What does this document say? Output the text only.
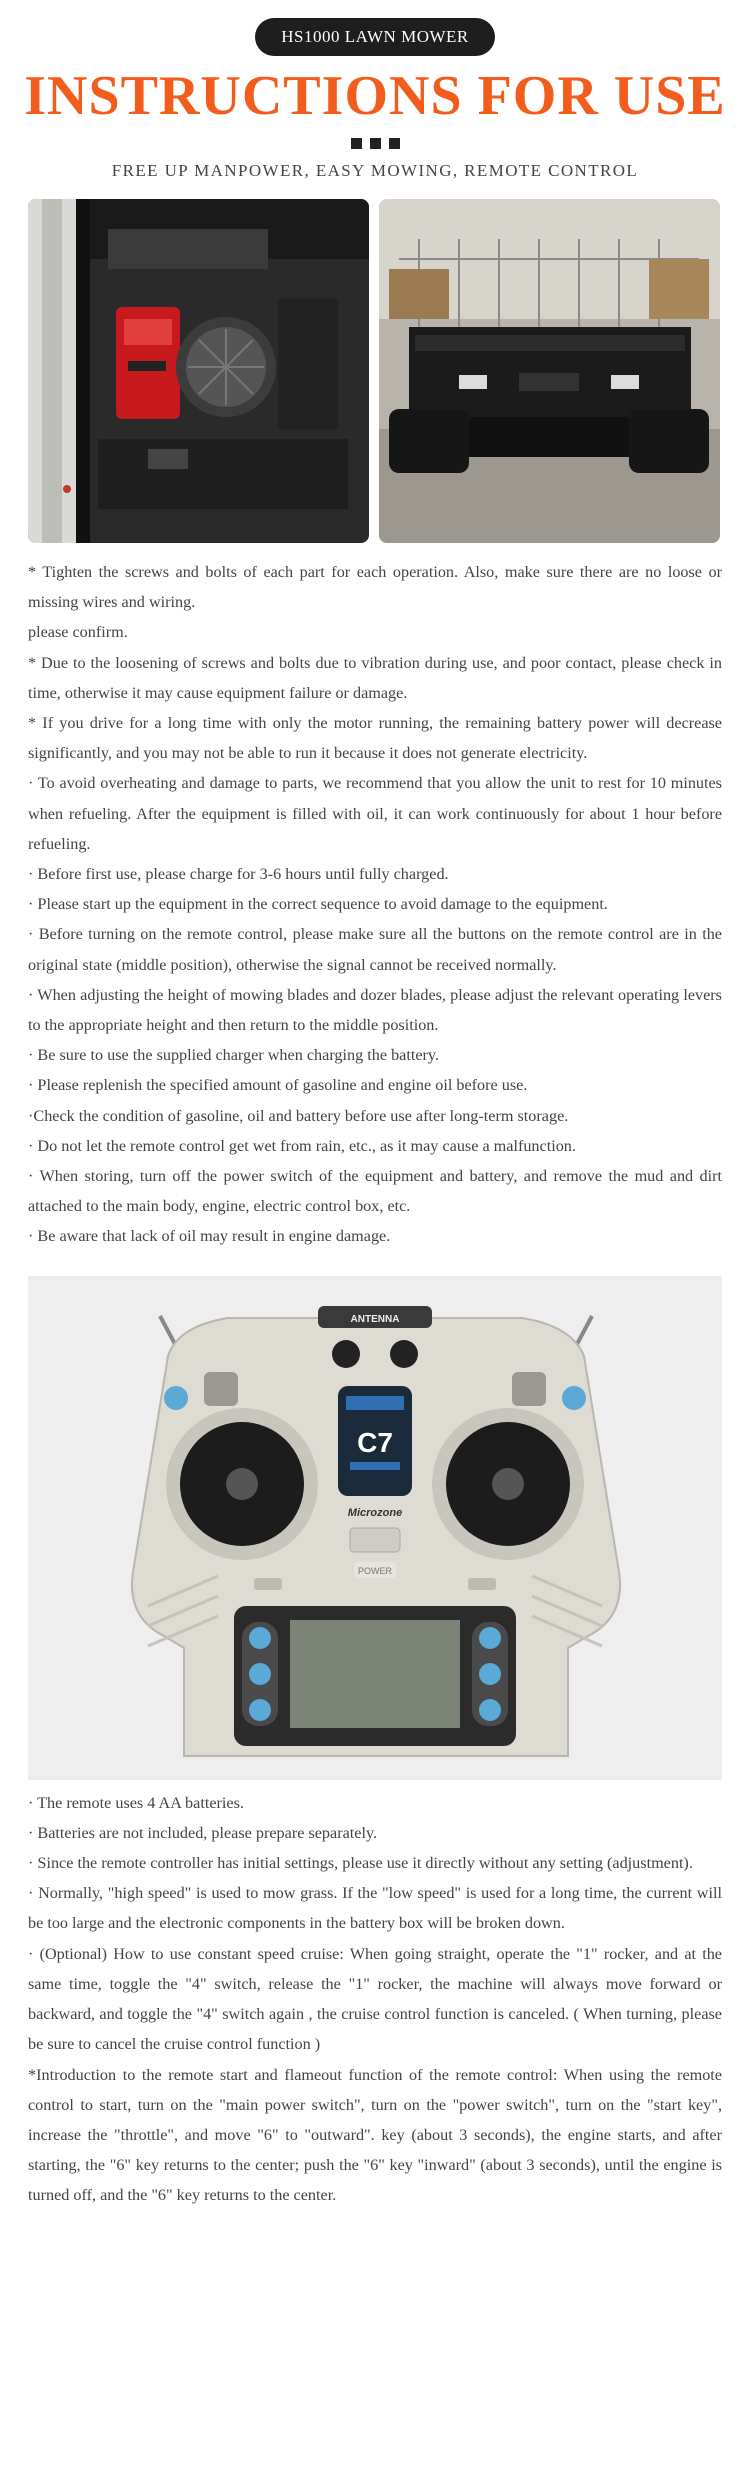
HS1000 LAWN MOWER
INSTRUCTIONS FOR USE
FREE UP MANPOWER, EASY MOWING, REMOTE CONTROL

* Tighten the screws and bolts of each part for each operation. Also, make sure there are no loose or missing wires and wiring.

please confirm.

* Due to the loosening of screws and bolts due to vibration during use, and poor contact, please check in time, otherwise it may cause equipment failure or damage.

* If you drive for a long time with only the motor running, the remaining battery power will decrease significantly, and you may not be able to run it because it does not generate electricity.

· To avoid overheating and damage to parts, we recommend that you allow the unit to rest for 10 minutes when refueling. After the equipment is filled with oil, it can work continuously for about 1 hour before refueling.

· Before first use, please charge for 3-6 hours until fully charged.

· Please start up the equipment in the correct sequence to avoid damage to the equipment.

· Before turning on the remote control, please make sure all the buttons on the remote control are in the original state (middle position), otherwise the signal cannot be received normally.

· When adjusting the height of mowing blades and dozer blades, please adjust the relevant operating levers to the appropriate height and then return to the middle position.

· Be sure to use the supplied charger when charging the battery.

· Please replenish the specified amount of gasoline and engine oil before use.

·Check the condition of gasoline, oil and battery before use after long-term storage.

· Do not let the remote control get wet from rain, etc., as it may cause a malfunction.

· When storing, turn off the power switch of the equipment and battery, and remove the mud and dirt attached to the main body, engine, electric control box, etc.

· Be aware that lack of oil may result in engine damage.

ANTENNA
C7
Microzone
POWER

· The remote uses 4 AA batteries.

· Batteries are not included, please prepare separately.

· Since the remote controller has initial settings, please use it directly without any setting (adjustment).

· Normally, "high speed" is used to mow grass. If the "low speed" is used for a long time, the current will be too large and the electronic components in the battery box will be broken down.

· (Optional) How to use constant speed cruise: When going straight, operate the "1" rocker, and at the same time, toggle the "4" switch, release the "1" rocker, the machine will always move forward or backward, and toggle the "4" switch again , the cruise control function is canceled. ( When turning, please be sure to cancel the cruise control function )

*Introduction to the remote start and flameout function of the remote control: When using the remote control to start, turn on the "main power switch", turn on the "power switch", turn on the "start key", increase the "throttle", and move "6" to "outward". key (about 3 seconds), the engine starts, and after starting, the "6" key returns to the center; push the "6" key "inward" (about 3 seconds), until the engine is turned off, and the "6" key returns to the center.
